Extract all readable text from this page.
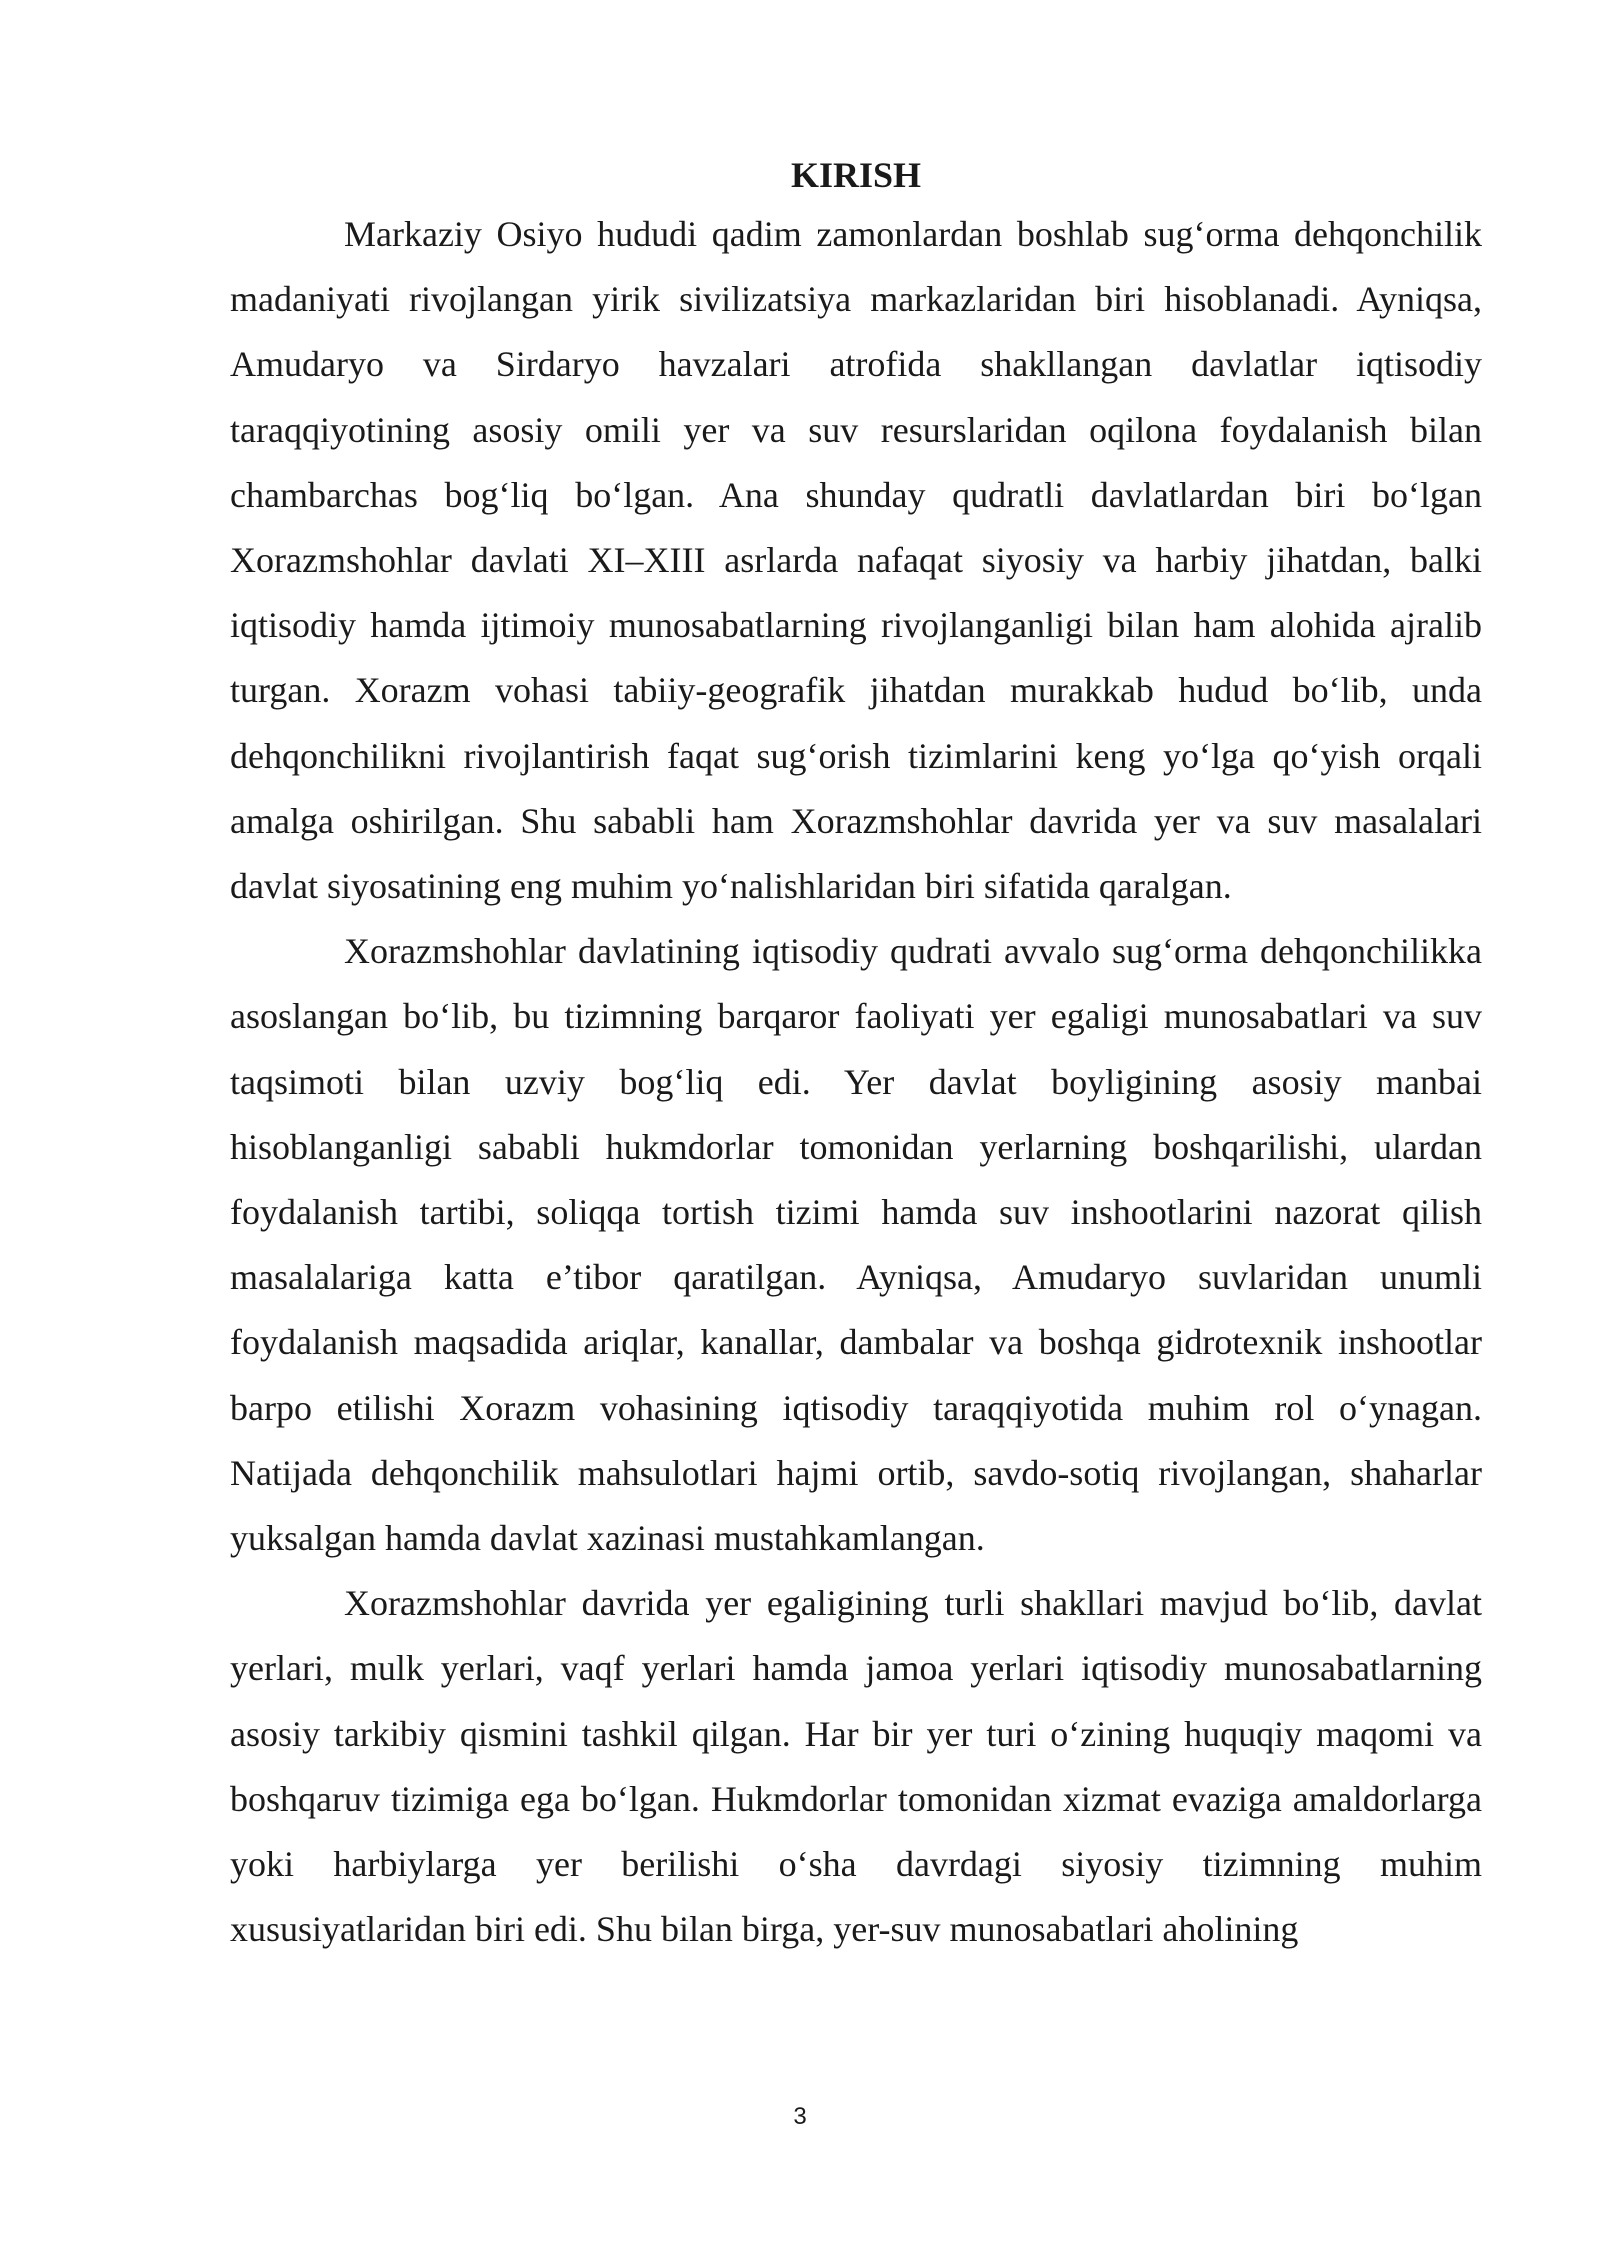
KIRISH

Markaziy Osiyo hududi qadim zamonlardan boshlab sug‘orma dehqonchilik madaniyati rivojlangan yirik sivilizatsiya markazlaridan biri hisoblanadi. Ayniqsa, Amudaryo va Sirdaryo havzalari atrofida shakllangan davlatlar iqtisodiy taraqqiyotining asosiy omili yer va suv resurslaridan oqilona foydalanish bilan chambarchas bog‘liq bo‘lgan. Ana shunday qudratli davlatlardan biri bo‘lgan Xorazmshohlar davlati XI–XIII asrlarda nafaqat siyosiy va harbiy jihatdan, balki iqtisodiy hamda ijtimoiy munosabatlarning rivojlanganligi bilan ham alohida ajralib turgan. Xorazm vohasi tabiiy-geografik jihatdan murakkab hudud bo‘lib, unda dehqonchilikni rivojlantirish faqat sug‘orish tizimlarini keng yo‘lga qo‘yish orqali amalga oshirilgan. Shu sababli ham Xorazmshohlar davrida yer va suv masalalari davlat siyosatining eng muhim yo‘nalishlaridan biri sifatida qaralgan.

Xorazmshohlar davlatining iqtisodiy qudrati avvalo sug‘orma dehqonchilikka asoslangan bo‘lib, bu tizimning barqaror faoliyati yer egaligi munosabatlari va suv taqsimoti bilan uzviy bog‘liq edi. Yer davlat boyligining asosiy manbai hisoblanganligi sababli hukmdorlar tomonidan yerlarning boshqarilishi, ulardan foydalanish tartibi, soliqqa tortish tizimi hamda suv inshootlarini nazorat qilish masalalariga katta e’tibor qaratilgan. Ayniqsa, Amudaryo suvlaridan unumli foydalanish maqsadida ariqlar, kanallar, dambalar va boshqa gidrotexnik inshootlar barpo etilishi Xorazm vohasining iqtisodiy taraqqiyotida muhim rol o‘ynagan. Natijada dehqonchilik mahsulotlari hajmi ortib, savdo-sotiq rivojlangan, shaharlar yuksalgan hamda davlat xazinasi mustahkamlangan.

Xorazmshohlar davrida yer egaligining turli shakllari mavjud bo‘lib, davlat yerlari, mulk yerlari, vaqf yerlari hamda jamoa yerlari iqtisodiy munosabatlarning asosiy tarkibiy qismini tashkil qilgan. Har bir yer turi o‘zining huquqiy maqomi va boshqaruv tizimiga ega bo‘lgan. Hukmdorlar tomonidan xizmat evaziga amaldorlarga yoki harbiylarga yer berilishi o‘sha davrdagi siyosiy tizimning muhim xususiyatlaridan biri edi. Shu bilan birga, yer-suv munosabatlari aholining

3
